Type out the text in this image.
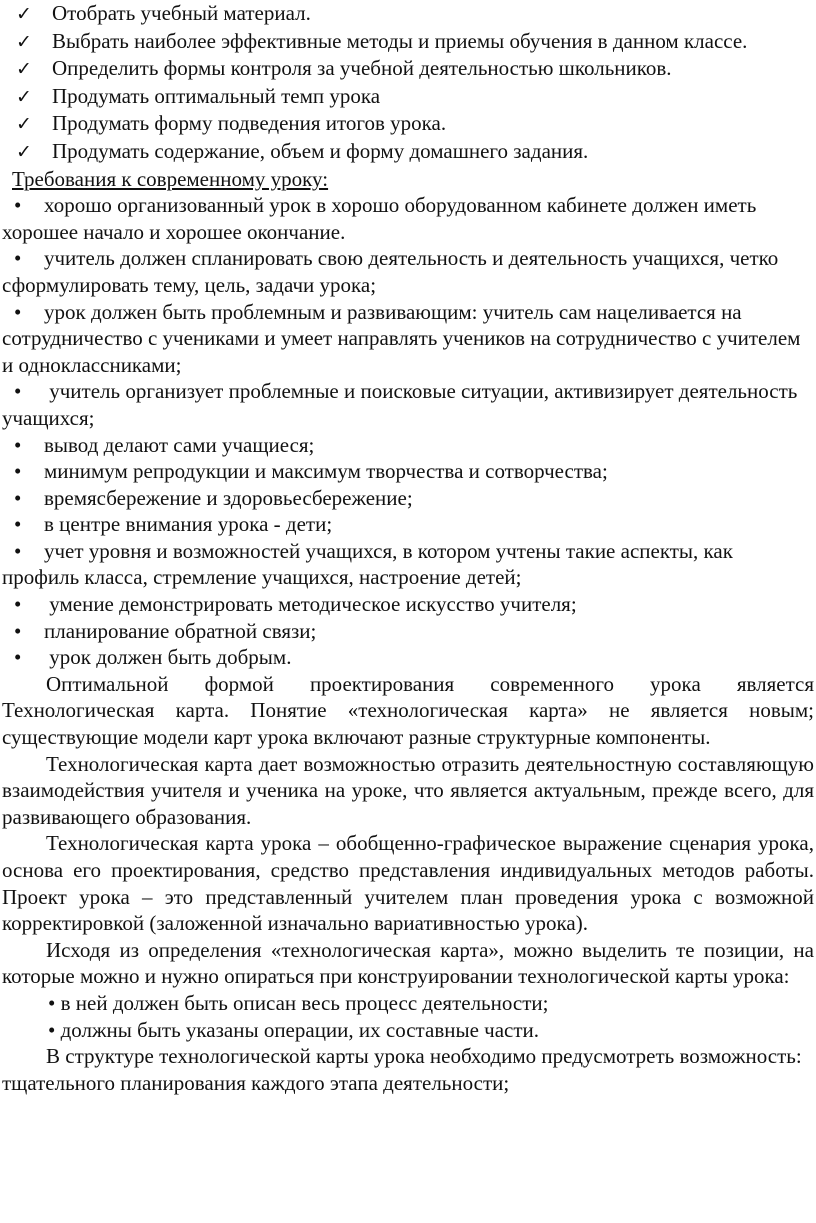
✓ Отобрать учебный материал.
✓ Выбрать наиболее эффективные методы и приемы обучения в данном классе.
✓ Определить формы контроля за учебной деятельностью школьников.
✓ Продумать оптимальный темп урока
✓ Продумать форму подведения итогов урока.
✓ Продумать содержание, объем и форму домашнего задания.
Требования к современному уроку:
• хорошо организованный урок в хорошо оборудованном кабинете должен иметь хорошее начало и хорошее окончание.
• учитель должен спланировать свою деятельность и деятельность учащихся, четко сформулировать тему, цель, задачи урока;
• урок должен быть проблемным и развивающим: учитель сам нацеливается на сотрудничество с учениками и умеет направлять учеников на сотрудничество с учителем и одноклассниками;
• учитель организует проблемные и поисковые ситуации, активизирует деятельность учащихся;
• вывод делают сами учащиеся;
• минимум репродукции и максимум творчества и сотворчества;
• времясбережение и здоровьесбережение;
• в центре внимания урока - дети;
• учет уровня и возможностей учащихся, в котором учтены такие аспекты, как профиль класса, стремление учащихся, настроение детей;
• умение демонстрировать методическое искусство учителя;
• планирование обратной связи;
• урок должен быть добрым.

Оптимальной формой проектирования современного урока является Технологическая карта. Понятие «технологическая карта» не является новым; существующие модели карт урока включают разные структурные компоненты.

Технологическая карта дает возможностью отразить деятельностную составляющую взаимодействия учителя и ученика на уроке, что является актуальным, прежде всего, для развивающего образования.

Технологическая карта урока – обобщенно-графическое выражение сценария урока, основа его проектирования, средство представления индивидуальных методов работы. Проект урока – это представленный учителем план проведения урока с возможной корректировкой (заложенной изначально вариативностью урока).

Исходя из определения «технологическая карта», можно выделить те позиции, на которые можно и нужно опираться при конструировании технологической карты урока:

• в ней должен быть описан весь процесс деятельности;
• должны быть указаны операции, их составные части.

В структуре технологической карты урока необходимо предусмотреть возможность:

тщательного планирования каждого этапа деятельности;
